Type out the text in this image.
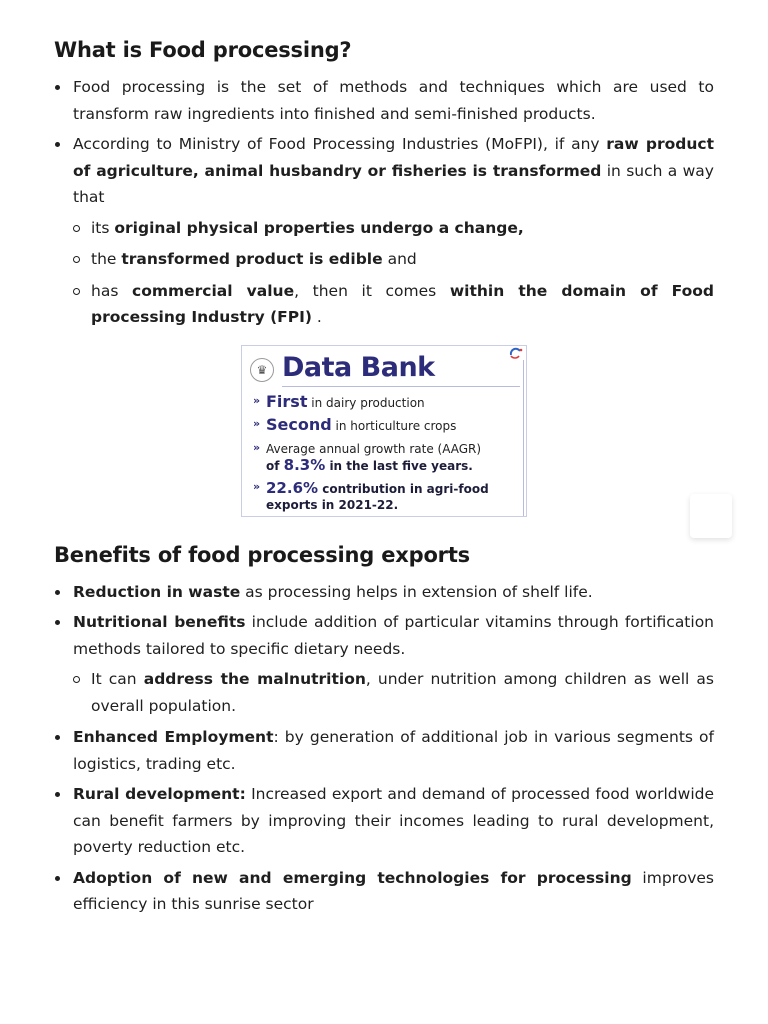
What is Food processing?
Food processing is the set of methods and techniques which are used to transform raw ingredients into finished and semi-finished products.
According to Ministry of Food Processing Industries (MoFPI), if any raw product of agriculture, animal husbandry or fisheries is transformed in such a way that
its original physical properties undergo a change,
the transformed product is edible and
has commercial value, then it comes within the domain of Food processing Industry (FPI) .
♛ Data Bank
» First in dairy production
» Second in horticulture crops
» Average annual growth rate (AAGR)
of 8.3% in the last five years.
» 22.6% contribution in agri-food
exports in 2021-22.
Benefits of food processing exports
Reduction in waste as processing helps in extension of shelf life.
Nutritional benefits include addition of particular vitamins through fortification methods tailored to specific dietary needs.
It can address the malnutrition, under nutrition among children as well as overall population.
Enhanced Employment: by generation of additional job in various segments of logistics, trading etc.
Rural development: Increased export and demand of processed food worldwide can benefit farmers by improving their incomes leading to rural development, poverty reduction etc.
Adoption of new and emerging technologies for processing improves efficiency in this sunrise sector
